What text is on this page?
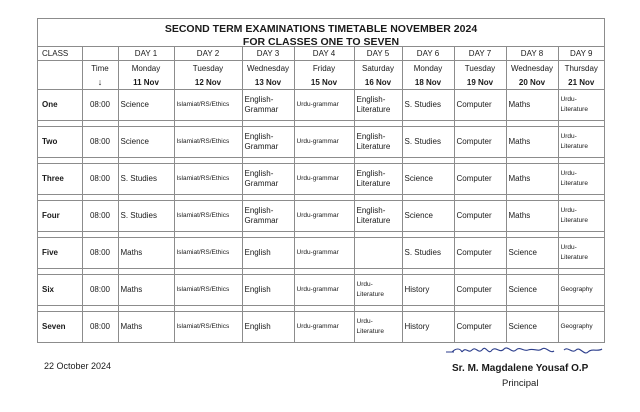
SECOND TERM EXAMINATIONS TIMETABLE NOVEMBER 2024
FOR CLASSES ONE TO SEVEN
CLASS		DAY 1	DAY 2	DAY 3	DAY 4	DAY 5	DAY 6	DAY 7	DAY 8	DAY 9
	Time	Monday	Tuesday	Wednesday	Friday	Saturday	Monday	Tuesday	Wednesday	Thursday
	↓	11 Nov	12 Nov	13 Nov	15 Nov	16 Nov	18 Nov	19 Nov	20 Nov	21 Nov
One	08:00	Science	Islamiat/RS/Ethics	English-
Grammar	Urdu-grammar	English-
Literature	S. Studies	Computer	Maths	Urdu-Literature

Two	08:00	Science	Islamiat/RS/Ethics	English-
Grammar	Urdu-grammar	English-
Literature	S. Studies	Computer	Maths	Urdu-Literature

Three	08:00	S. Studies	Islamiat/RS/Ethics	English-
Grammar	Urdu-grammar	English-
Literature	Science	Computer	Maths	Urdu-Literature

Four	08:00	S. Studies	Islamiat/RS/Ethics	English-
Grammar	Urdu-grammar	English-
Literature	Science	Computer	Maths	Urdu-Literature

Five	08:00	Maths	Islamiat/RS/Ethics	English	Urdu-grammar		S. Studies	Computer	Science	Urdu-Literature

Six	08:00	Maths	Islamiat/RS/Ethics	English	Urdu-grammar	Urdu-
Literature	History	Computer	Science	Geography

Seven	08:00	Maths	Islamiat/RS/Ethics	English	Urdu-grammar	Urdu-
Literature	History	Computer	Science	Geography
22 October 2024	Sr. M. Magdalene Yousaf O.P
Principal
